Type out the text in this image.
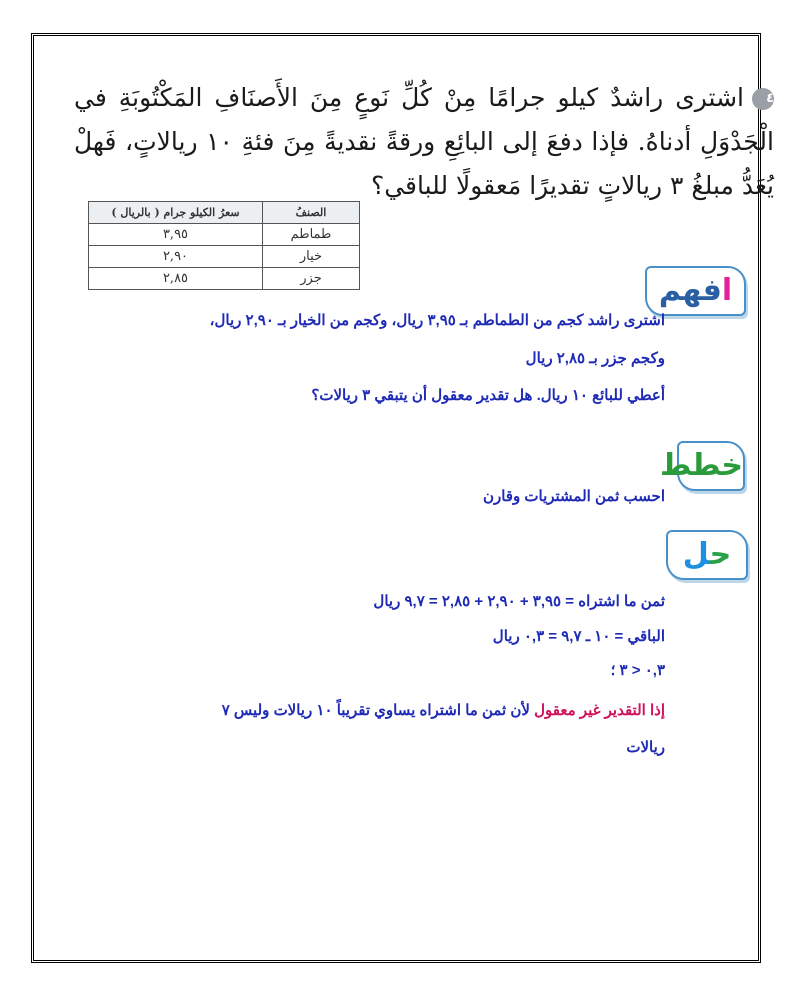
٤اشترى راشدٌ كيلو جرامًا مِنْ كُلِّ نَوعٍ مِنَ الأَصنَافِ المَكْتُوبَةِ في الْجَدْوَلِ أدناهُ. فإذا دفعَ إلى البائِعِ ورقةً نقديةً مِنَ فئةِ ١٠ ريالاتٍ، فَهلْ يُعَدُّ مبلغُ ٣ ريالاتٍ تقديرًا مَعقولًا للباقي؟
الصنفُ	سعرُ الكيلو جرام ( بالريال )
طماطم	٣,٩٥
خيار	٢,٩٠
جزر	٢,٨٥	افهم
اشترى راشد كجم من الطماطم بـ ٣,٩٥ ريال، وكجم من الخيار بـ ٢,٩٠ ريال،
وكجم جزر بـ ٢,٨٥ ريال
أعطي للبائع ١٠ ريال. هل تقدير معقول أن يتبقي ٣ ريالات؟
خطط
احسب ثمن المشتريات وقارن
حل
ثمن ما اشتراه = ٣,٩٥ + ٢,٩٠ + ٢,٨٥ = ٩,٧ ريال
الباقي = ١٠ ـ ٩,٧ = ٠,٣ ريال
٠,٣ < ٣ ؛
إذا التقدير غير معقول لأن ثمن ما اشتراه يساوي تقريباً ١٠ ريالات وليس ٧
ريالات
